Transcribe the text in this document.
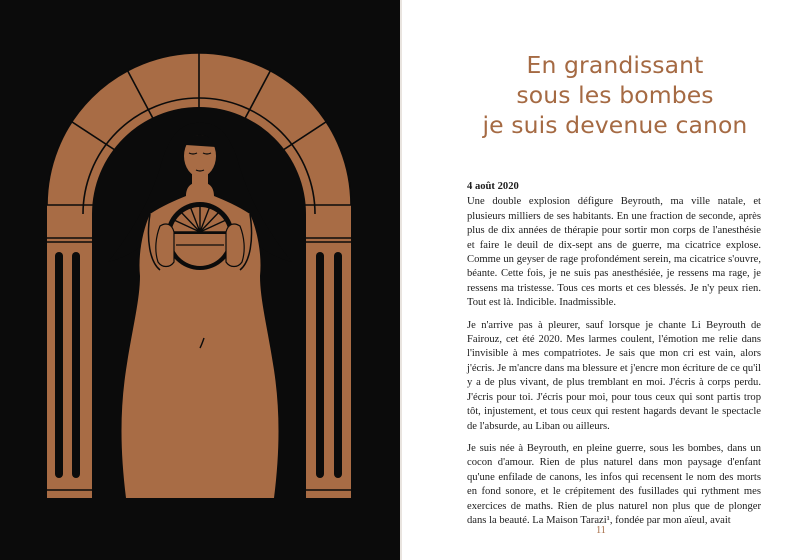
En grandissant
sous les bombes
je suis devenue canon
4 août 2020

Une double explosion défigure Beyrouth, ma ville natale, et plusieurs milliers de ses habitants. En une fraction de seconde, après plus de dix années de thérapie pour sortir mon corps de l'anesthésie et faire le deuil de dix-sept ans de guerre, ma cicatrice explose. Comme un geyser de rage profondément serein, ma cicatrice s'ouvre, béante. Cette fois, je ne suis pas anesthésiée, je ressens ma rage, je ressens ma tristesse. Tous ces morts et ces blessés. Je n'y peux rien. Tout est là. Indicible. Inadmissible.

Je n'arrive pas à pleurer, sauf lorsque je chante Li Beyrouth de Fairouz, cet été 2020. Mes larmes coulent, l'émotion me relie dans l'invisible à mes compatriotes. Je sais que mon cri est vain, alors j'écris. Je m'ancre dans ma blessure et j'encre mon écriture de ce qu'il y a de plus vivant, de plus tremblant en moi. J'écris à corps perdu. J'écris pour toi. J'écris pour moi, pour tous ceux qui sont partis trop tôt, injustement, et tous ceux qui restent hagards devant le spectacle de l'absurde, au Liban ou ailleurs.

Je suis née à Beyrouth, en pleine guerre, sous les bombes, dans un cocon d'amour. Rien de plus naturel dans mon paysage d'enfant qu'une enfilade de canons, les infos qui recensent le nom des morts en fond sonore, et le crépitement des fusillades qui rythment mes exercices de maths. Rien de plus naturel non plus que de plonger dans la beauté. La Maison Tarazi¹, fondée par mon aïeul, avait

11
